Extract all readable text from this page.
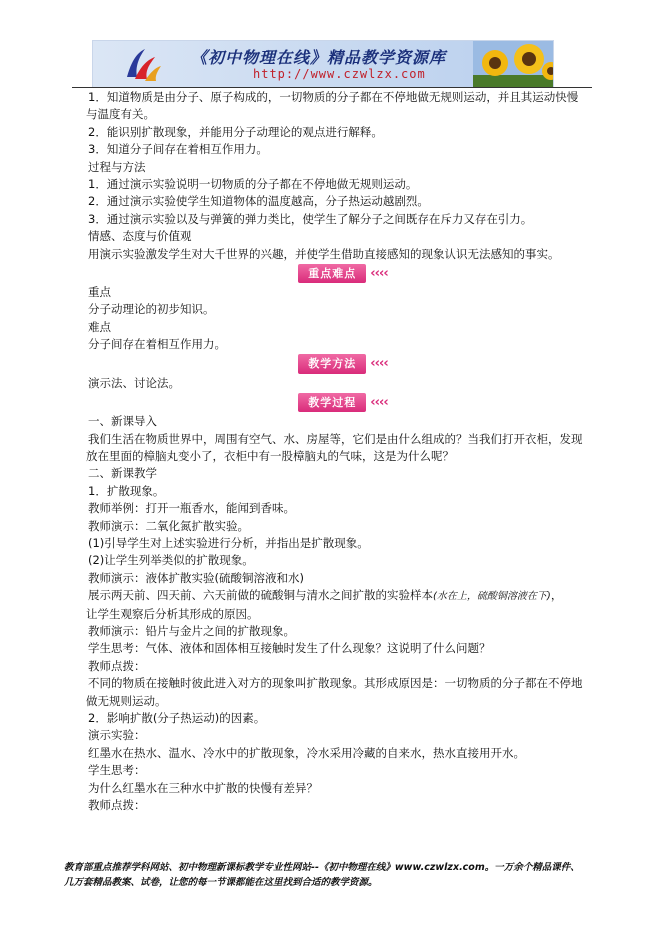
《初中物理在线》精品教学资源库
http://www.czwlzx.com

1．知道物质是由分子、原子构成的，一切物质的分子都在不停地做无规则运动，并且其运动快慢

与温度有关。

2．能识别扩散现象，并能用分子动理论的观点进行解释。

3．知道分子间存在着相互作用力。

过程与方法

1．通过演示实验说明一切物质的分子都在不停地做无规则运动。

2．通过演示实验使学生知道物体的温度越高，分子热运动越剧烈。

3．通过演示实验以及与弹簧的弹力类比，使学生了解分子之间既存在斥力又存在引力。

情感、态度与价值观

用演示实验激发学生对大千世界的兴趣，并使学生借助直接感知的现象认识无法感知的事实。

重点难点	‹‹‹‹

重点

分子动理论的初步知识。

难点

分子间存在着相互作用力。

教学方法	‹‹‹‹

演示法、讨论法。

教学过程	‹‹‹‹

一、新课导入

我们生活在物质世界中，周围有空气、水、房屋等，它们是由什么组成的？当我们打开衣柜，发现

放在里面的樟脑丸变小了，衣柜中有一股樟脑丸的气味，这是为什么呢？

二、新课教学

1．扩散现象。

教师举例：打开一瓶香水，能闻到香味。

教师演示：二氧化氮扩散实验。

(1)引导学生对上述实验进行分析，并指出是扩散现象。

(2)让学生列举类似的扩散现象。

教师演示：液体扩散实验(硫酸铜溶液和水)

展示两天前、四天前、六天前做的硫酸铜与清水之间扩散的实验样本(水在上，硫酸铜溶液在下)，

让学生观察后分析其形成的原因。

教师演示：铅片与金片之间的扩散现象。

学生思考：气体、液体和固体相互接触时发生了什么现象？这说明了什么问题？

教师点拨：

不同的物质在接触时彼此进入对方的现象叫扩散现象。其形成原因是：一切物质的分子都在不停地

做无规则运动。

2．影响扩散(分子热运动)的因素。

演示实验：

红墨水在热水、温水、冷水中的扩散现象，冷水采用冷藏的自来水，热水直接用开水。

学生思考：

为什么红墨水在三种水中扩散的快慢有差异？

教师点拨：

教育部重点推荐学科网站、初中物理新课标教学专业性网站--《初中物理在线》www.czwlzx.com。一万余个精品课件、
几万套精品教案、试卷，让您的每一节课都能在这里找到合适的教学资源。
